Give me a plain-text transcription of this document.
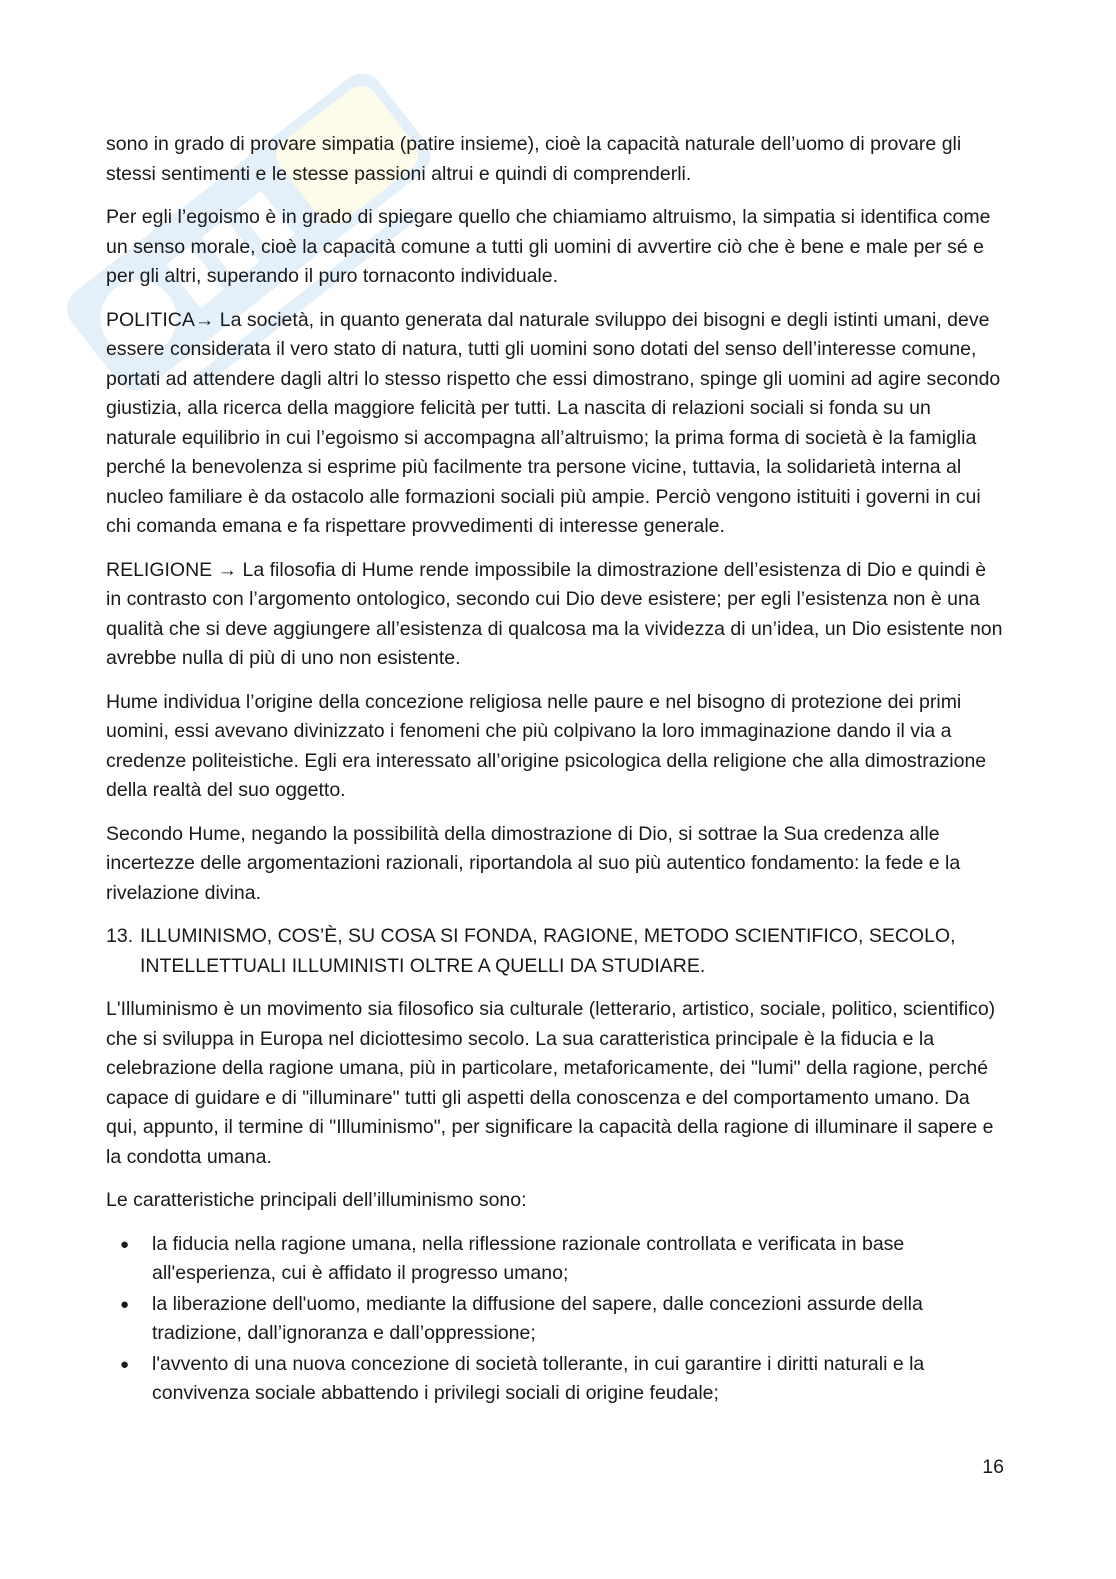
sono in grado di provare simpatia (patire insieme), cioè la capacità naturale dell’uomo di provare gli stessi sentimenti e le stesse passioni altrui e quindi di comprenderli.

Per egli l’egoismo è in grado di spiegare quello che chiamiamo altruismo, la simpatia si identifica come un senso morale, cioè la capacità comune a tutti gli uomini di avvertire ciò che è bene e male per sé e per gli altri, superando il puro tornaconto individuale.

POLITICA→ La società, in quanto generata dal naturale sviluppo dei bisogni e degli istinti umani, deve essere considerata il vero stato di natura, tutti gli uomini sono dotati del senso dell’interesse comune, portati ad attendere dagli altri lo stesso rispetto che essi dimostrano, spinge gli uomini ad agire secondo giustizia, alla ricerca della maggiore felicità per tutti. La nascita di relazioni sociali si fonda su un naturale equilibrio in cui l’egoismo si accompagna all’altruismo; la prima forma di società è la famiglia perché la benevolenza si esprime più facilmente tra persone vicine, tuttavia, la solidarietà interna al nucleo familiare è da ostacolo alle formazioni sociali più ampie. Perciò vengono istituiti i governi in cui chi comanda emana e fa rispettare provvedimenti di interesse generale.

RELIGIONE → La filosofia di Hume rende impossibile la dimostrazione dell’esistenza di Dio e quindi è in contrasto con l’argomento ontologico, secondo cui Dio deve esistere; per egli l’esistenza non è una qualità che si deve aggiungere all’esistenza di qualcosa ma la vividezza di un’idea, un Dio esistente non avrebbe nulla di più di uno non esistente.

Hume individua l’origine della concezione religiosa nelle paure e nel bisogno di protezione dei primi uomini, essi avevano divinizzato i fenomeni che più colpivano la loro immaginazione dando il via a credenze politeistiche. Egli era interessato all’origine psicologica della religione che alla dimostrazione della realtà del suo oggetto.

Secondo Hume, negando la possibilità della dimostrazione di Dio, si sottrae la Sua credenza alle incertezze delle argomentazioni razionali, riportandola al suo più autentico fondamento: la fede e la rivelazione divina.

13. ILLUMINISMO, COS’È, SU COSA SI FONDA, RAGIONE, METODO SCIENTIFICO, SECOLO, INTELLETTUALI ILLUMINISTI OLTRE A QUELLI DA STUDIARE.

L'Illuminismo è un movimento sia filosofico sia culturale (letterario, artistico, sociale, politico, scientifico) che si sviluppa in Europa nel diciottesimo secolo. La sua caratteristica principale è la fiducia e la celebrazione della ragione umana, più in particolare, metaforicamente, dei "lumi" della ragione, perché capace di guidare e di "illuminare" tutti gli aspetti della conoscenza e del comportamento umano. Da qui, appunto, il termine di "Illuminismo", per significare la capacità della ragione di illuminare il sapere e la condotta umana.

Le caratteristiche principali dell’illuminismo sono:

● la fiducia nella ragione umana, nella riflessione razionale controllata e verificata in base all'esperienza, cui è affidato il progresso umano;
● la liberazione dell'uomo, mediante la diffusione del sapere, dalle concezioni assurde della tradizione, dall’ignoranza e dall’oppressione;
● l'avvento di una nuova concezione di società tollerante, in cui garantire i diritti naturali e la convivenza sociale abbattendo i privilegi sociali di origine feudale;
16
